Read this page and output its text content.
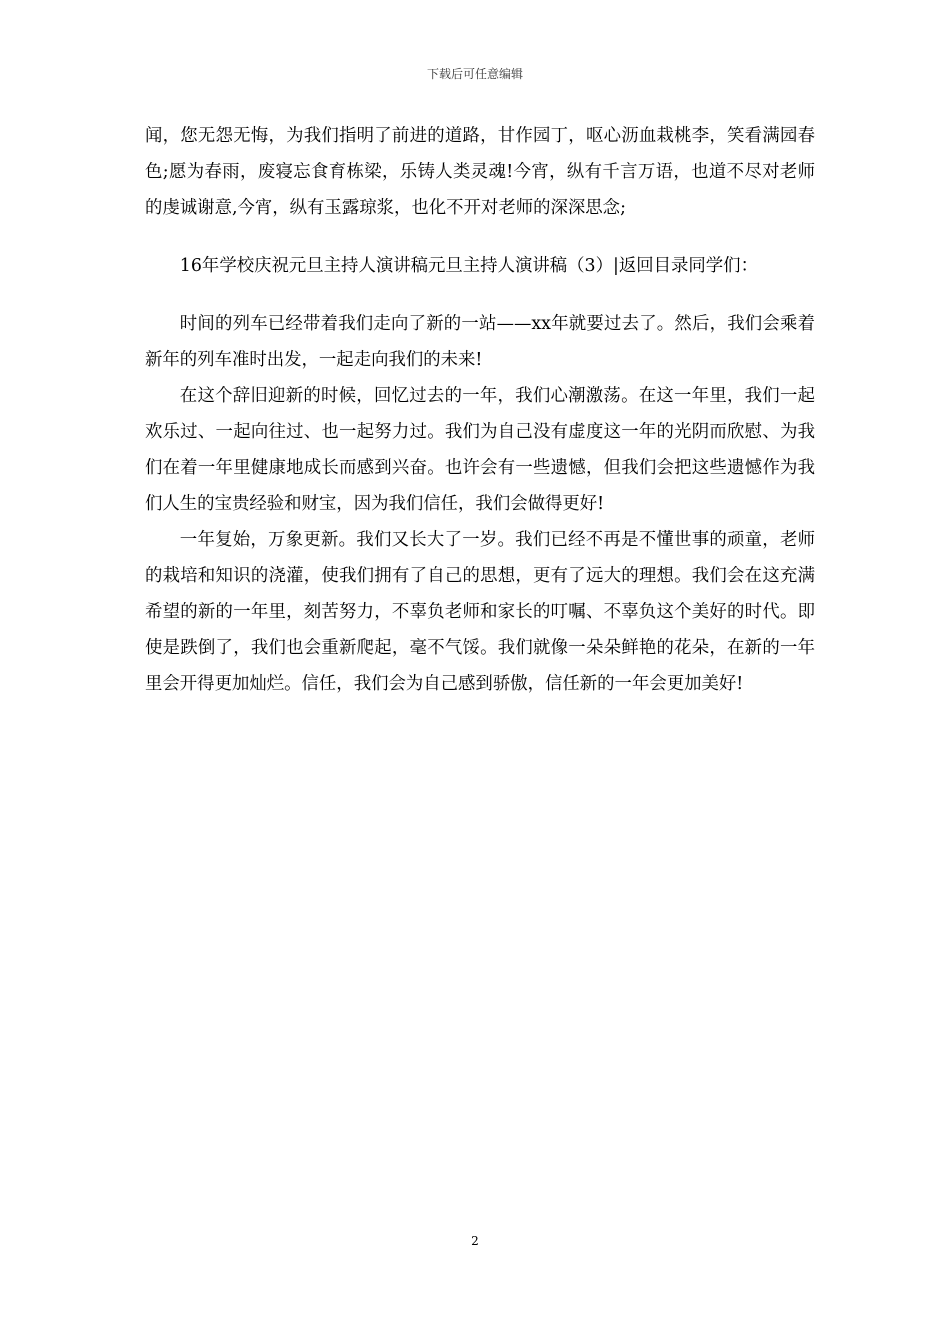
下载后可任意编辑

闻，您无怨无悔，为我们指明了前进的道路，甘作园丁，呕心沥血栽桃李，笑看满园春色;愿为春雨，废寝忘食育栋梁，乐铸人类灵魂!今宵，纵有千言万语，也道不尽对老师的虔诚谢意,今宵，纵有玉露琼浆，也化不开对老师的深深思念;

16年学校庆祝元旦主持人演讲稿元旦主持人演讲稿（3）|返回目录同学们：

时间的列车已经带着我们走向了新的一站——xx年就要过去了。然后，我们会乘着新年的列车准时出发，一起走向我们的未来!

在这个辞旧迎新的时候，回忆过去的一年，我们心潮激荡。在这一年里，我们一起欢乐过、一起向往过、也一起努力过。我们为自己没有虚度这一年的光阴而欣慰、为我们在着一年里健康地成长而感到兴奋。也许会有一些遗憾，但我们会把这些遗憾作为我们人生的宝贵经验和财宝，因为我们信任，我们会做得更好!

一年复始，万象更新。我们又长大了一岁。我们已经不再是不懂世事的顽童，老师的栽培和知识的浇灌，使我们拥有了自己的思想，更有了远大的理想。我们会在这充满希望的新的一年里，刻苦努力，不辜负老师和家长的叮嘱、不辜负这个美好的时代。即使是跌倒了，我们也会重新爬起，毫不气馁。我们就像一朵朵鲜艳的花朵，在新的一年里会开得更加灿烂。信任，我们会为自己感到骄傲，信任新的一年会更加美好!

2
